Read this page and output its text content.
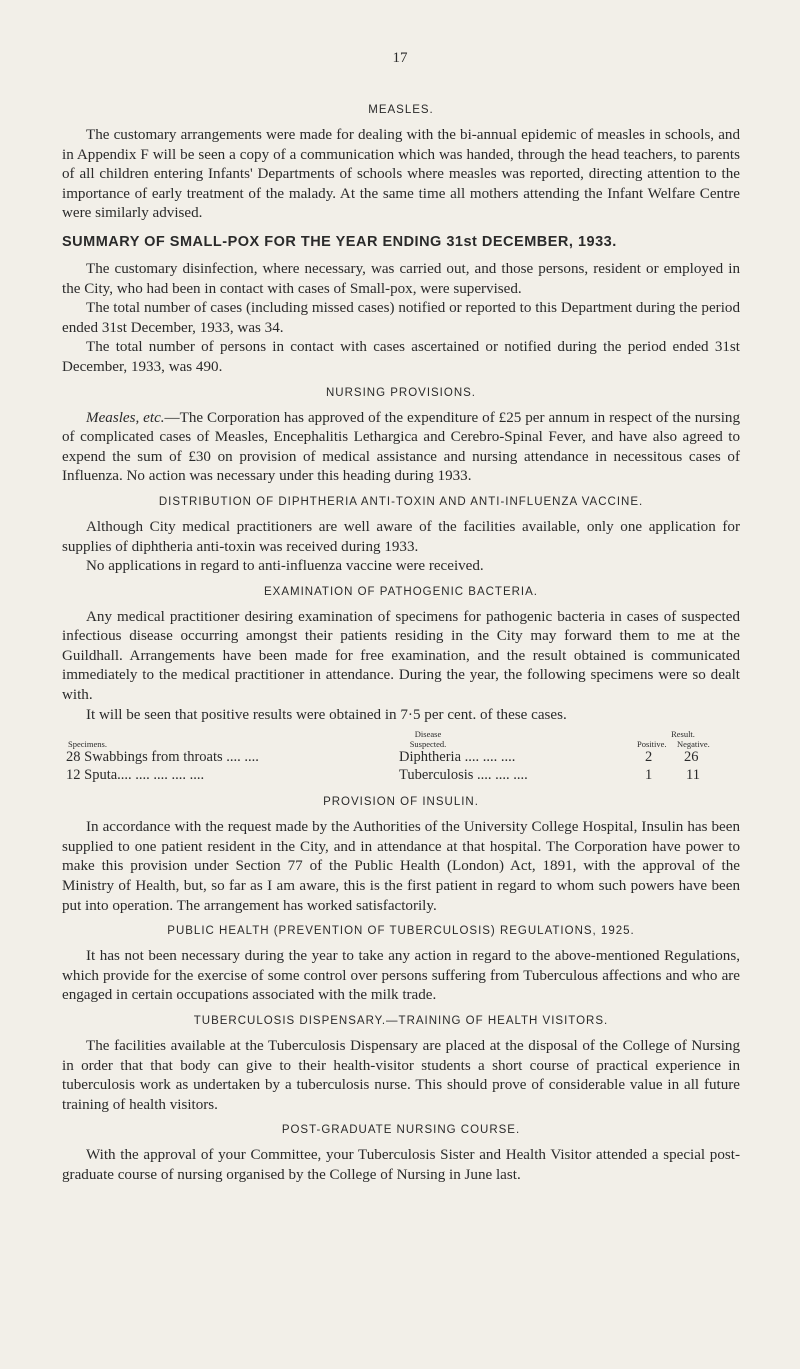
17
MEASLES.

The customary arrangements were made for dealing with the bi-annual epidemic of measles in schools, and in Appendix F will be seen a copy of a communication which was handed, through the head teachers, to parents of all children entering Infants' Departments of schools where measles was reported, directing attention to the importance of early treatment of the malady. At the same time all mothers attending the Infant Welfare Centre were similarly advised.

SUMMARY OF SMALL-POX FOR THE YEAR ENDING 31st DECEMBER, 1933.

The customary disinfection, where necessary, was carried out, and those persons, resident or employed in the City, who had been in contact with cases of Small-pox, were supervised.

The total number of cases (including missed cases) notified or reported to this Department during the period ended 31st December, 1933, was 34.

The total number of persons in contact with cases ascertained or notified during the period ended 31st December, 1933, was 490.

NURSING PROVISIONS.

Measles, etc.—The Corporation has approved of the expenditure of £25 per annum in respect of the nursing of complicated cases of Measles, Encephalitis Lethargica and Cerebro-Spinal Fever, and have also agreed to expend the sum of £30 on provision of medical assistance and nursing attendance in necessitous cases of Influenza. No action was necessary under this heading during 1933.

DISTRIBUTION OF DIPHTHERIA ANTI-TOXIN AND ANTI-INFLUENZA VACCINE.

Although City medical practitioners are well aware of the facilities available, only one application for supplies of diphtheria anti-toxin was received during 1933.

No applications in regard to anti-influenza vaccine were received.

EXAMINATION OF PATHOGENIC BACTERIA.

Any medical practitioner desiring examination of specimens for pathogenic bacteria in cases of suspected infectious disease occurring amongst their patients residing in the City may forward them to me at the Guildhall. Arrangements have been made for free examination, and the result obtained is communicated immediately to the medical practitioner in attendance. During the year, the following specimens were so dealt with.

It will be seen that positive results were obtained in 7·5 per cent. of these cases.

Specimens.
Disease
Suspected.
Result.
Positive. Negative.
28 Swabbings from throats .... ....	Diphtheria .... .... ....	2 26
12 Sputa.... .... .... .... ....	Tuberculosis .... .... ....	1 11
PROVISION OF INSULIN.

In accordance with the request made by the Authorities of the University College Hospital, Insulin has been supplied to one patient resident in the City, and in attendance at that hospital. The Corporation have power to make this provision under Section 77 of the Public Health (London) Act, 1891, with the approval of the Ministry of Health, but, so far as I am aware, this is the first patient in regard to whom such powers have been put into operation. The arrangement has worked satisfactorily.

PUBLIC HEALTH (PREVENTION OF TUBERCULOSIS) REGULATIONS, 1925.

It has not been necessary during the year to take any action in regard to the above-mentioned Regulations, which provide for the exercise of some control over persons suffering from Tuberculous affections and who are engaged in certain occupations associated with the milk trade.

TUBERCULOSIS DISPENSARY.—TRAINING OF HEALTH VISITORS.

The facilities available at the Tuberculosis Dispensary are placed at the disposal of the College of Nursing in order that that body can give to their health-visitor students a short course of practical experience in tuberculosis work as undertaken by a tuberculosis nurse. This should prove of considerable value in all future training of health visitors.

POST-GRADUATE NURSING COURSE.

With the approval of your Committee, your Tuberculosis Sister and Health Visitor attended a special post-graduate course of nursing organised by the College of Nursing in June last.
